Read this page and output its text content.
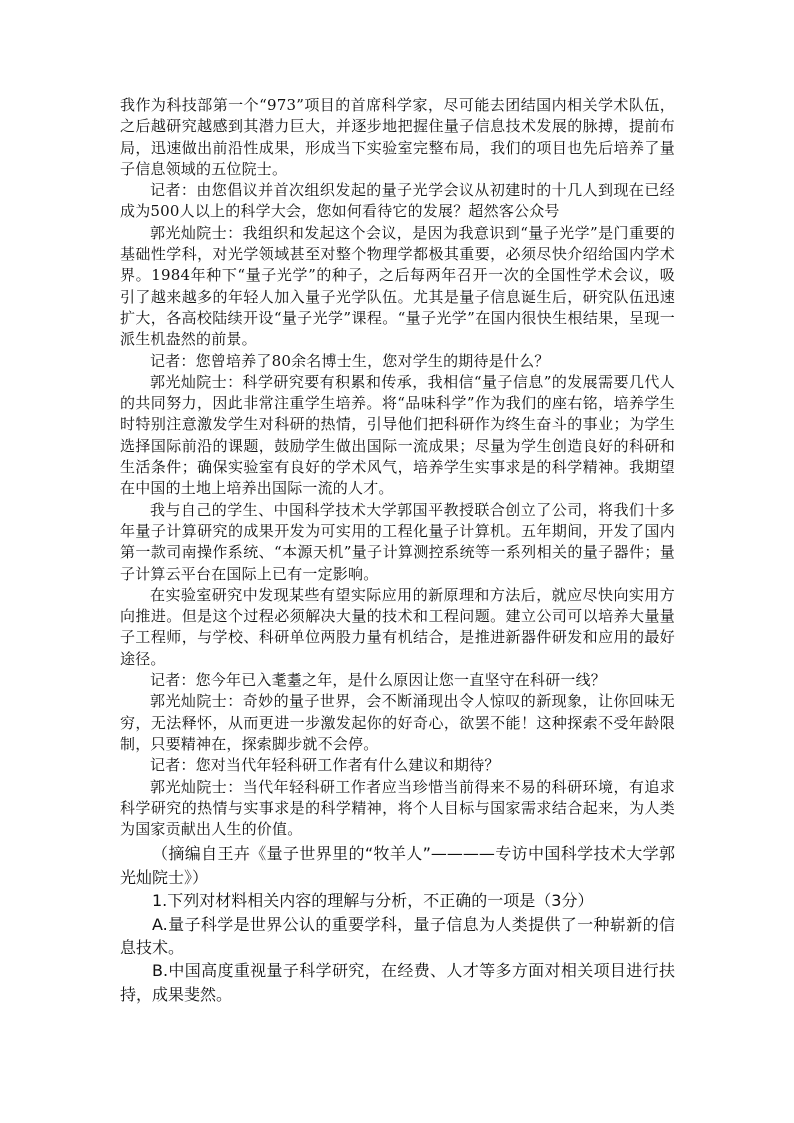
我作为科技部第一个“973”项目的首席科学家，尽可能去团结国内相关学术队伍，之后越研究越感到其潜力巨大，并逐步地把握住量子信息技术发展的脉搏，提前布局，迅速做出前沿性成果，形成当下实验室完整布局，我们的项目也先后培养了量子信息领域的五位院士。

记者：由您倡议并首次组织发起的量子光学会议从初建时的十几人到现在已经成为500人以上的科学大会，您如何看待它的发展？超然客公众号

郭光灿院士：我组织和发起这个会议，是因为我意识到“量子光学”是门重要的基础性学科，对光学领域甚至对整个物理学都极其重要，必须尽快介绍给国内学术界。1984年种下“量子光学”的种子，之后每两年召开一次的全国性学术会议，吸引了越来越多的年轻人加入量子光学队伍。尤其是量子信息诞生后，研究队伍迅速扩大，各高校陆续开设“量子光学”课程。“量子光学”在国内很快生根结果，呈现一派生机盎然的前景。

记者：您曾培养了80余名博士生，您对学生的期待是什么？

郭光灿院士：科学研究要有积累和传承，我相信“量子信息”的发展需要几代人的共同努力，因此非常注重学生培养。将“品味科学”作为我们的座右铭，培养学生时特别注意激发学生对科研的热情，引导他们把科研作为终生奋斗的事业；为学生选择国际前沿的课题，鼓励学生做出国际一流成果；尽量为学生创造良好的科研和生活条件；确保实验室有良好的学术风气，培养学生实事求是的科学精神。我期望在中国的土地上培养出国际一流的人才。

我与自己的学生、中国科学技术大学郭国平教授联合创立了公司，将我们十多年量子计算研究的成果开发为可实用的工程化量子计算机。五年期间，开发了国内第一款司南操作系统、“本源天机”量子计算测控系统等一系列相关的量子器件；量子计算云平台在国际上已有一定影响。

在实验室研究中发现某些有望实际应用的新原理和方法后，就应尽快向实用方向推进。但是这个过程必须解决大量的技术和工程问题。建立公司可以培养大量量子工程师，与学校、科研单位两股力量有机结合，是推进新器件研发和应用的最好途径。

记者：您今年已入耄耋之年，是什么原因让您一直坚守在科研一线？

郭光灿院士：奇妙的量子世界，会不断涌现出令人惊叹的新现象，让你回味无穷，无法释怀，从而更进一步激发起你的好奇心，欲罢不能！这种探索不受年龄限制，只要精神在，探索脚步就不会停。

记者：您对当代年轻科研工作者有什么建议和期待？

郭光灿院士：当代年轻科研工作者应当珍惜当前得来不易的科研环境，有追求科学研究的热情与实事求是的科学精神，将个人目标与国家需求结合起来，为人类为国家贡献出人生的价值。

（摘编自王卉《量子世界里的“牧羊人”————专访中国科学技术大学郭光灿院士》）

1.下列对材料相关内容的理解与分析，不正确的一项是（3分）

A.量子科学是世界公认的重要学科，量子信息为人类提供了一种崭新的信息技术。

B.中国高度重视量子科学研究，在经费、人才等多方面对相关项目进行扶持，成果斐然。
